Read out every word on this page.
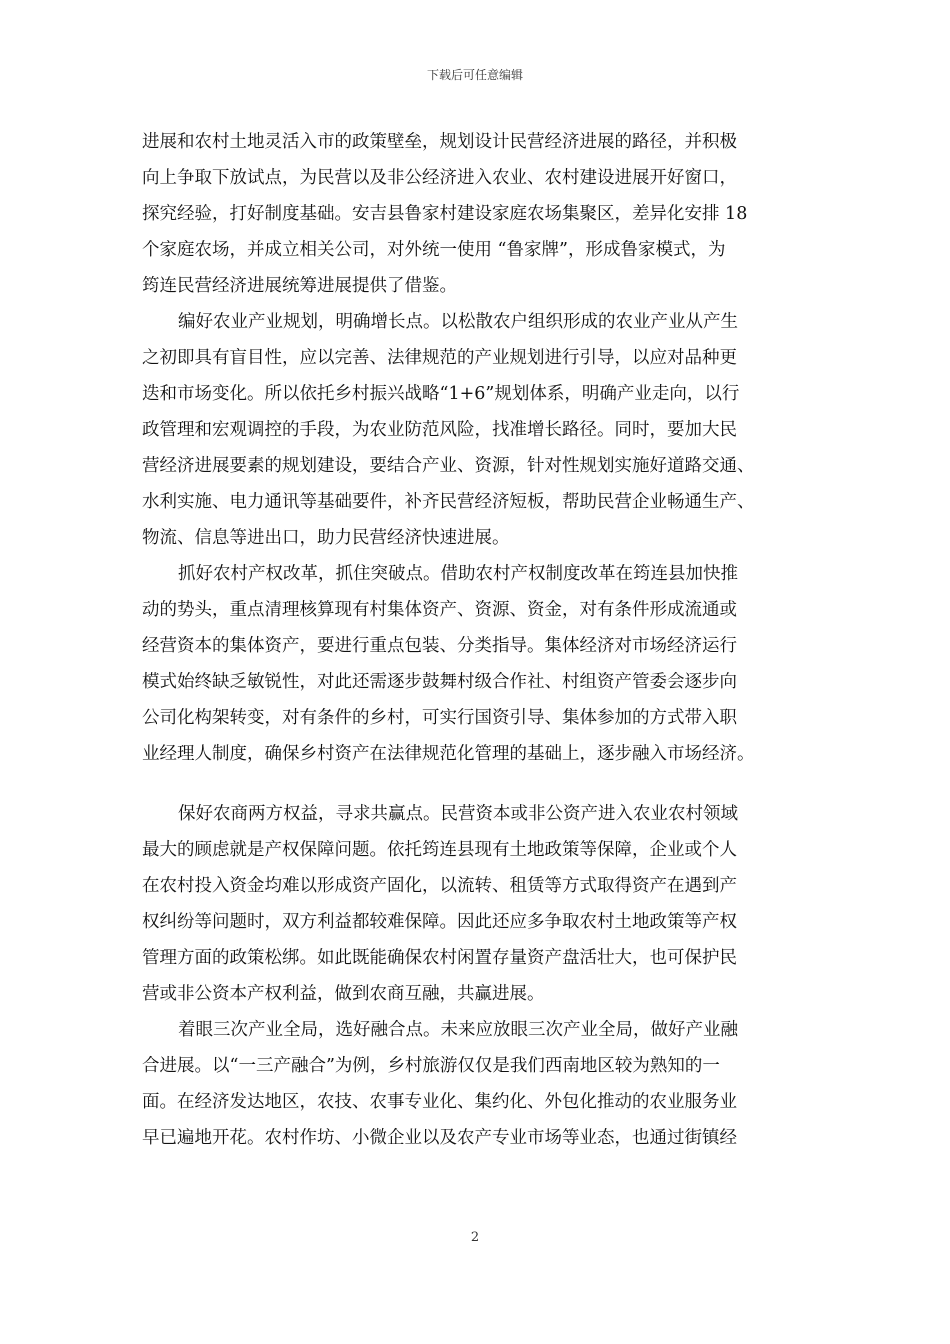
下载后可任意编辑
进展和农村土地灵活入市的政策壁垒，规划设计民营经济进展的路径，并积极
向上争取下放试点，为民营以及非公经济进入农业、农村建设进展开好窗口，
探究经验，打好制度基础。安吉县鲁家村建设家庭农场集聚区，差异化安排 18
个家庭农场，并成立相关公司，对外统一使用 “鲁家牌”，形成鲁家模式，为
筠连民营经济进展统筹进展提供了借鉴。
编好农业产业规划，明确增长点。以松散农户组织形成的农业产业从产生
之初即具有盲目性，应以完善、法律规范的产业规划进行引导，以应对品种更
迭和市场变化。所以依托乡村振兴战略“1+6”规划体系，明确产业走向，以行
政管理和宏观调控的手段，为农业防范风险，找准增长路径。同时，要加大民
营经济进展要素的规划建设，要结合产业、资源，针对性规划实施好道路交通、
水利实施、电力通讯等基础要件，补齐民营经济短板，帮助民营企业畅通生产、
物流、信息等进出口，助力民营经济快速进展。
抓好农村产权改革，抓住突破点。借助农村产权制度改革在筠连县加快推
动的势头，重点清理核算现有村集体资产、资源、资金，对有条件形成流通或
经营资本的集体资产，要进行重点包装、分类指导。集体经济对市场经济运行
模式始终缺乏敏锐性，对此还需逐步鼓舞村级合作社、村组资产管委会逐步向
公司化构架转变，对有条件的乡村，可实行国资引导、集体参加的方式带入职
业经理人制度，确保乡村资产在法律规范化管理的基础上，逐步融入市场经济。
保好农商两方权益，寻求共赢点。民营资本或非公资产进入农业农村领域
最大的顾虑就是产权保障问题。依托筠连县现有土地政策等保障，企业或个人
在农村投入资金均难以形成资产固化，以流转、租赁等方式取得资产在遇到产
权纠纷等问题时，双方利益都较难保障。因此还应多争取农村土地政策等产权
管理方面的政策松绑。如此既能确保农村闲置存量资产盘活壮大，也可保护民
营或非公资本产权利益，做到农商互融，共赢进展。
着眼三次产业全局，选好融合点。未来应放眼三次产业全局，做好产业融
合进展。以“一三产融合”为例，乡村旅游仅仅是我们西南地区较为熟知的一
面。在经济发达地区，农技、农事专业化、集约化、外包化推动的农业服务业
早已遍地开花。农村作坊、小微企业以及农产专业市场等业态，也通过街镇经
2
